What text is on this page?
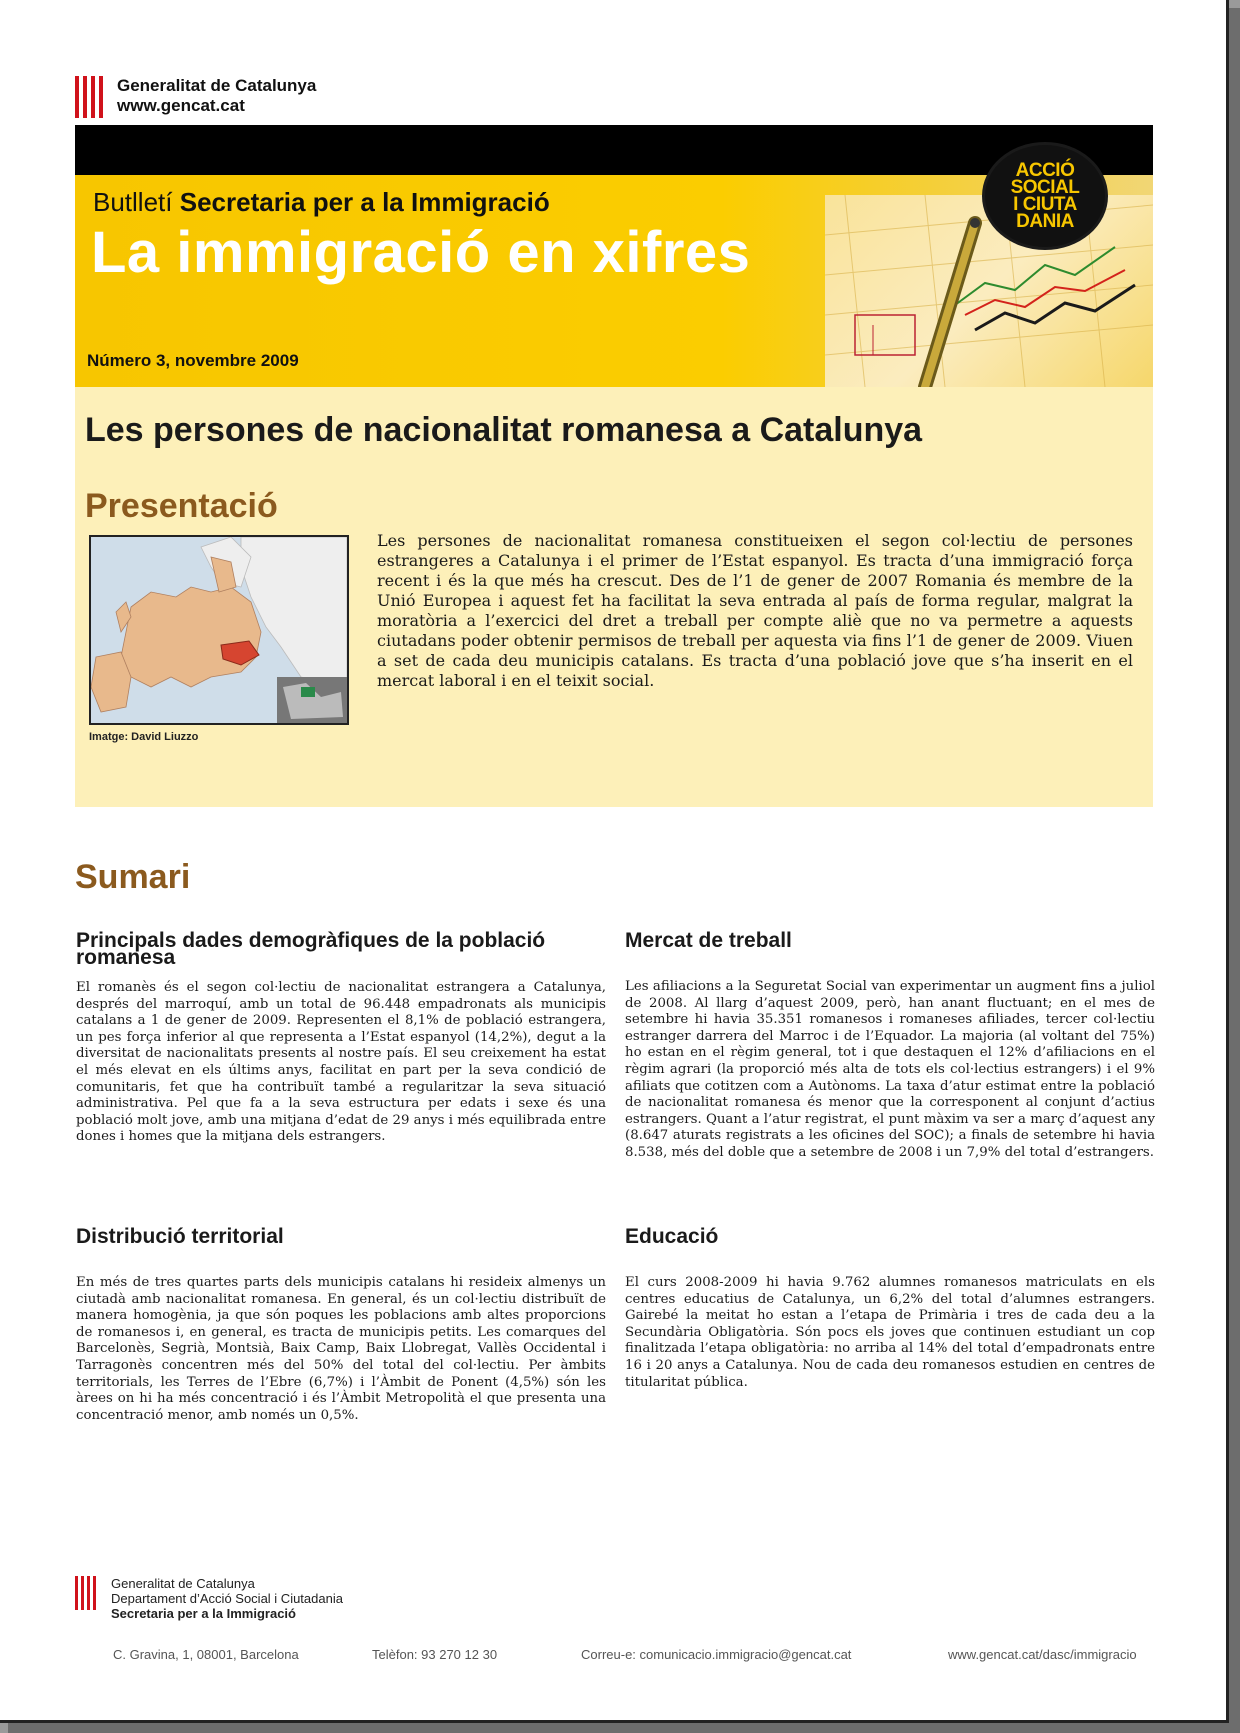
Generalitat de Catalunya
www.gencat.cat
Butlletí Secretaria per a la Immigració
La immigració en xifres
Número 3, novembre 2009
ACCIÓ
SOCIAL
I CIUTA
DANIA
Les persones de nacionalitat romanesa a Catalunya
Presentació
Imatge: David Liuzzo

Les persones de nacionalitat romanesa constitueixen el segon col·lectiu de persones estrangeres a Catalunya i el primer de l’Estat espanyol. Es tracta d’una immigració força recent i és la que més ha crescut. Des de l’1 de gener de 2007 Romania és membre de la Unió Europea i aquest fet ha facilitat la seva entrada al país de forma regular, malgrat la moratòria a l’exercici del dret a treball per compte aliè que no va permetre a aquests ciutadans poder obtenir permisos de treball per aquesta via fins l’1 de gener de 2009. Viuen a set de cada deu municipis catalans. Es tracta d’una població jove que s’ha inserit en el mercat laboral i en el teixit social.

Sumari
Principals dades demogràfiques de la població romanesa

El romanès és el segon col·lectiu de nacionalitat estrangera a Catalunya, després del marroquí, amb un total de 96.448 empadronats als municipis catalans a 1 de gener de 2009. Representen el 8,1% de població estrangera, un pes força inferior al que representa a l’Estat espanyol (14,2%), degut a la diversitat de nacionalitats presents al nostre país. El seu creixement ha estat el més elevat en els últims anys, facilitat en part per la seva condició de comunitaris, fet que ha contribuït també a regularitzar la seva situació administrativa. Pel que fa a la seva estructura per edats i sexe és una població molt jove, amb una mitjana d’edat de 29 anys i més equilibrada entre dones i homes que la mitjana dels estrangers.

Mercat de treball

Les afiliacions a la Seguretat Social van experimentar un augment fins a juliol de 2008. Al llarg d’aquest 2009, però, han anant fluctuant; en el mes de setembre hi havia 35.351 romanesos i romaneses afiliades, tercer col·lectiu estranger darrera del Marroc i de l’Equador. La majoria (al voltant del 75%) ho estan en el règim general, tot i que destaquen el 12% d’afiliacions en el règim agrari (la proporció més alta de tots els col·lectius estrangers) i el 9% afiliats que cotitzen com a Autònoms. La taxa d’atur estimat entre la població de nacionalitat romanesa és menor que la corresponent al conjunt d’actius estrangers. Quant a l’atur registrat, el punt màxim va ser a març d’aquest any (8.647 aturats registrats a les oficines del SOC); a finals de setembre hi havia 8.538, més del doble que a setembre de 2008 i un 7,9% del total d’estrangers.

Distribució territorial

En més de tres quartes parts dels municipis catalans hi resideix almenys un ciutadà amb nacionalitat romanesa. En general, és un col·lectiu distribuït de manera homogènia, ja que són poques les poblacions amb altes proporcions de romanesos i, en general, es tracta de municipis petits. Les comarques del Barcelonès, Segrià, Montsià, Baix Camp, Baix Llobregat, Vallès Occidental i Tarragonès concentren més del 50% del total del col·lectiu. Per àmbits territorials, les Terres de l’Ebre (6,7%) i l’Àmbit de Ponent (4,5%) són les àrees on hi ha més concentració i és l’Àmbit Metropolità el que presenta una concentració menor, amb només un 0,5%.

Educació

El curs 2008-2009 hi havia 9.762 alumnes romanesos matriculats en els centres educatius de Catalunya, un 6,2% del total d’alumnes estrangers. Gairebé la meitat ho estan a l’etapa de Primària i tres de cada deu a la Secundària Obligatòria. Són pocs els joves que continuen estudiant un cop finalitzada l’etapa obligatòria: no arriba al 14% del total d’empadronats entre 16 i 20 anys a Catalunya. Nou de cada deu romanesos estudien en centres de titularitat pública.

Generalitat de Catalunya
Departament d’Acció Social i Ciutadania
Secretaria per a la Immigració
C. Gravina, 1, 08001, Barcelona	Telèfon: 93 270 12 30	Correu-e: comunicacio.immigracio@gencat.cat	www.gencat.cat/dasc/immigracio
